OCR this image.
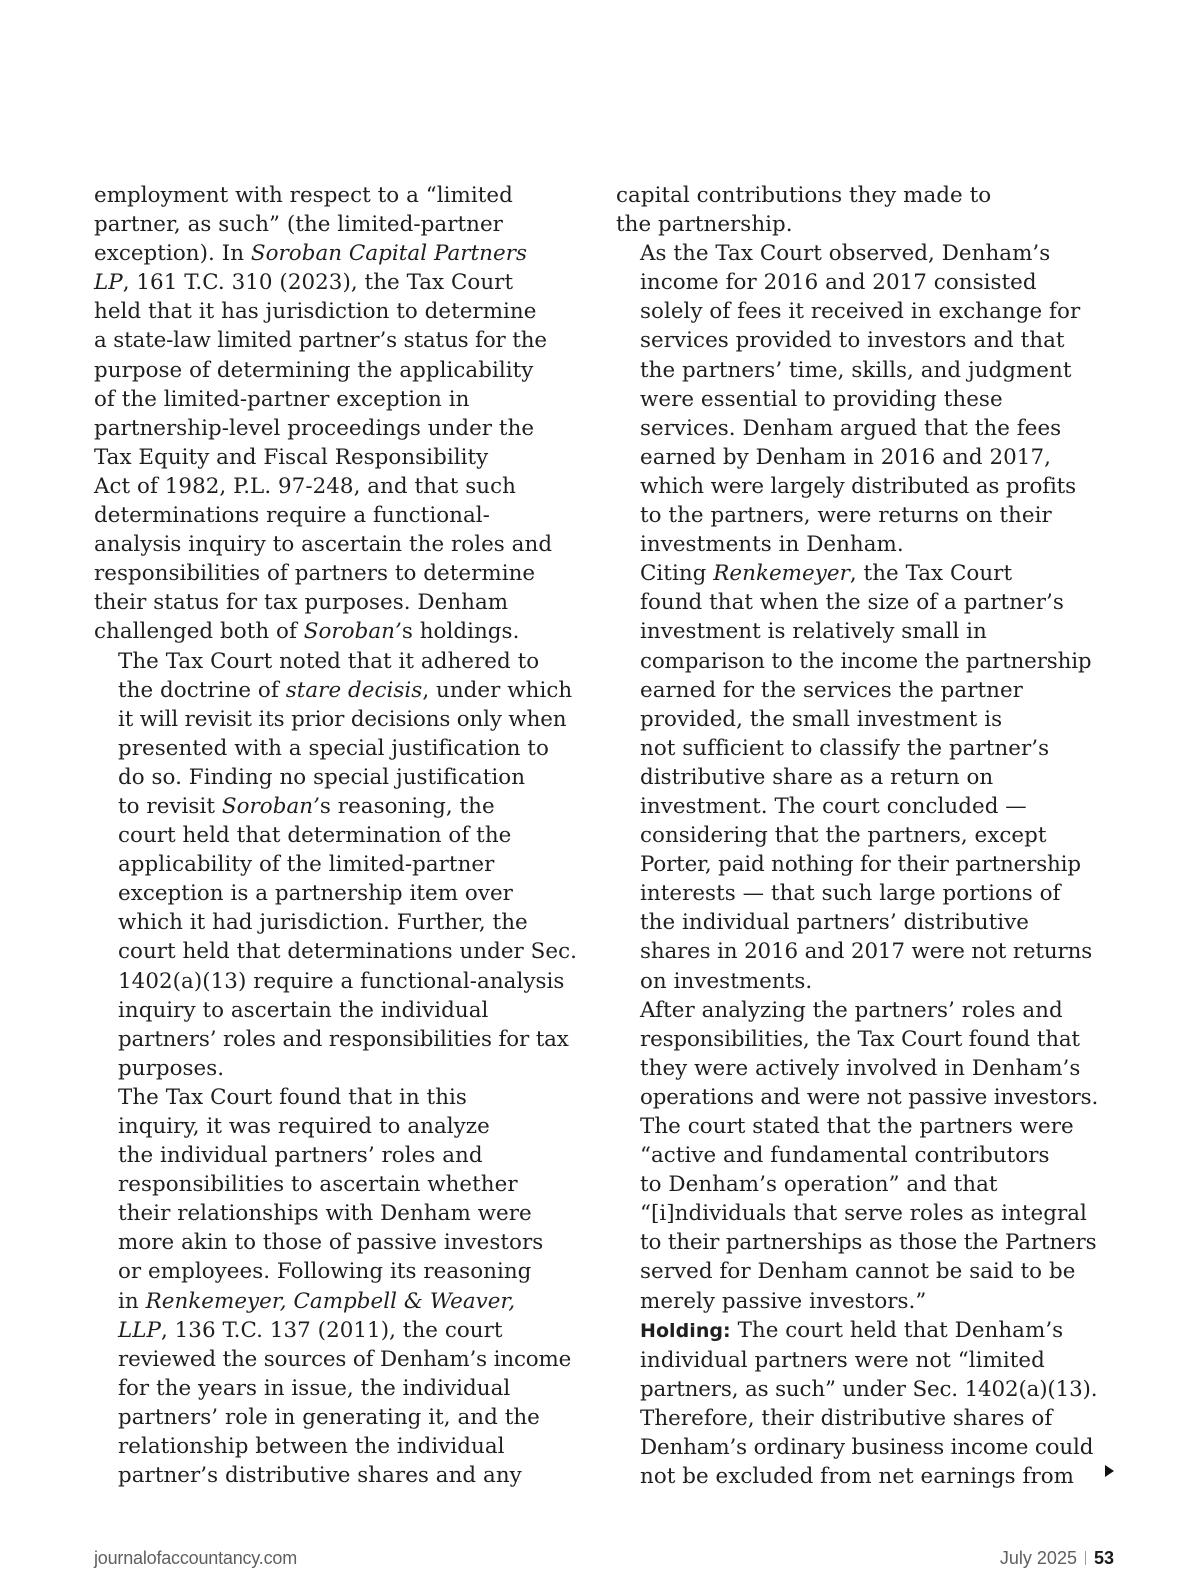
employment with respect to a “limited
partner, as such” (the limited-partner
exception). In Soroban Capital Partners
LP, 161 T.C. 310 (2023), the Tax Court
held that it has jurisdiction to determine
a state-law limited partner’s status for the
purpose of determining the applicability
of the limited-partner exception in
partnership-level proceedings under the
Tax Equity and Fiscal Responsibility
Act of 1982, P.L. 97-248, and that such
determinations require a functional-
analysis inquiry to ascertain the roles and
responsibilities of partners to determine
their status for tax purposes. Denham
challenged both of Soroban’s holdings.

The Tax Court noted that it adhered to
the doctrine of stare decisis, under which
it will revisit its prior decisions only when
presented with a special justification to
do so. Finding no special justification
to revisit Soroban’s reasoning, the
court held that determination of the
applicability of the limited-partner
exception is a partnership item over
which it had jurisdiction. Further, the
court held that determinations under Sec.
1402(a)(13) require a functional-analysis
inquiry to ascertain the individual
partners’ roles and responsibilities for tax
purposes.

The Tax Court found that in this
inquiry, it was required to analyze
the individual partners’ roles and
responsibilities to ascertain whether
their relationships with Denham were
more akin to those of passive investors
or employees. Following its reasoning
in Renkemeyer, Campbell & Weaver,
LLP, 136 T.C. 137 (2011), the court
reviewed the sources of Denham’s income
for the years in issue, the individual
partners’ role in generating it, and the
relationship between the individual
partner’s distributive shares and any

capital contributions they made to
the partnership.

As the Tax Court observed, Denham’s
income for 2016 and 2017 consisted
solely of fees it received in exchange for
services provided to investors and that
the partners’ time, skills, and judgment
were essential to providing these
services. Denham argued that the fees
earned by Denham in 2016 and 2017,
which were largely distributed as profits
to the partners, were returns on their
investments in Denham.

Citing Renkemeyer, the Tax Court
found that when the size of a partner’s
investment is relatively small in
comparison to the income the partnership
earned for the services the partner
provided, the small investment is
not sufficient to classify the partner’s
distributive share as a return on
investment. The court concluded —
considering that the partners, except
Porter, paid nothing for their partnership
interests — that such large portions of
the individual partners’ distributive
shares in 2016 and 2017 were not returns
on investments.

After analyzing the partners’ roles and
responsibilities, the Tax Court found that
they were actively involved in Denham’s
operations and were not passive investors.
The court stated that the partners were
“active and fundamental contributors
to Denham’s operation” and that
“[i]ndividuals that serve roles as integral
to their partnerships as those the Partners
served for Denham cannot be said to be
merely passive investors.”

Holding: The court held that Denham’s
individual partners were not “limited
partners, as such” under Sec. 1402(a)(13).
Therefore, their distributive shares of
Denham’s ordinary business income could
not be excluded from net earnings from

journalofaccountancy.com	July 2025 53
